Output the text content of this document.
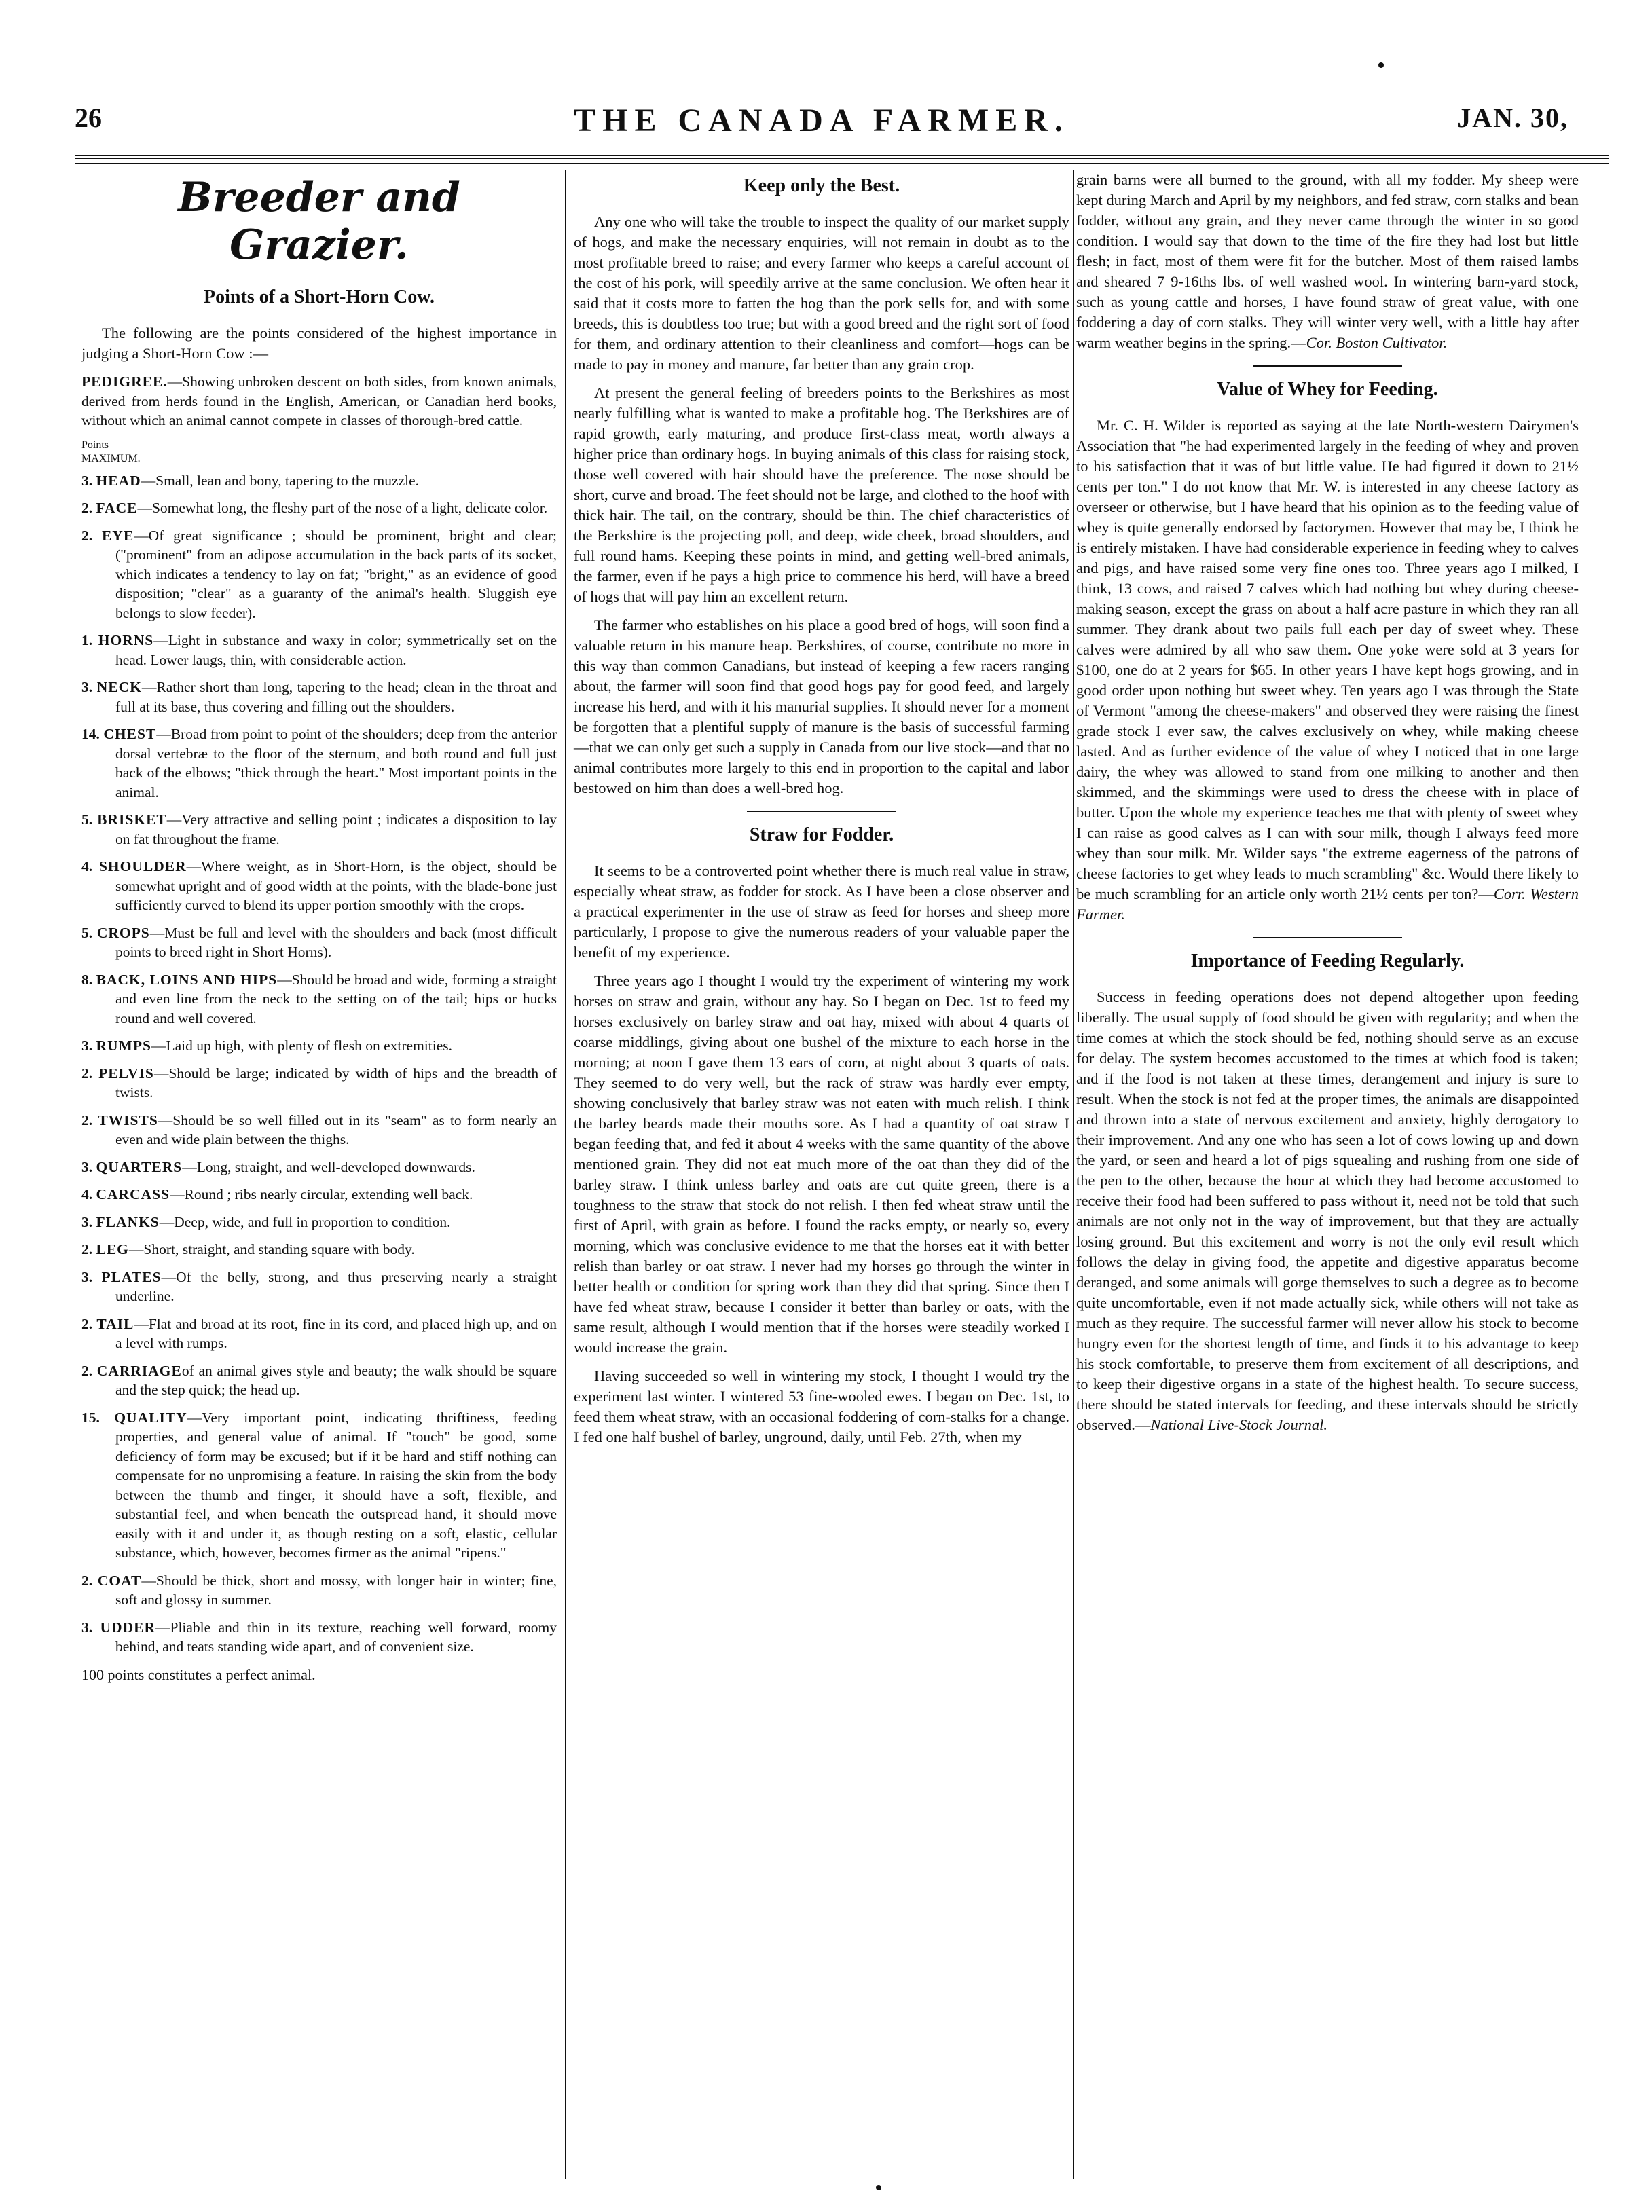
26	THE CANADA FARMER.	JAN. 30,
Breeder and Grazier.
Points of a Short-Horn Cow.

The following are the points considered of the highest importance in judging a Short-Horn Cow :—

PEDIGREE.—Showing unbroken descent on both sides, from known animals, derived from herds found in the English, American, or Canadian herd books, without which an animal cannot compete in classes of thorough-bred cattle.

Points

MAXIMUM.

3. HEAD—Small, lean and bony, tapering to the muzzle.

2. FACE—Somewhat long, the fleshy part of the nose of a light, delicate color.

2. EYE—Of great significance ; should be prominent, bright and clear; ("prominent" from an adipose accumulation in the back parts of its socket, which indicates a tendency to lay on fat; "bright," as an evidence of good disposition; "clear" as a guaranty of the animal's health. Sluggish eye belongs to slow feeder).

1. HORNS—Light in substance and waxy in color; symmetrically set on the head. Lower laugs, thin, with considerable action.

3. NECK—Rather short than long, tapering to the head; clean in the throat and full at its base, thus covering and filling out the shoulders.

14. CHEST—Broad from point to point of the shoulders; deep from the anterior dorsal vertebræ to the floor of the sternum, and both round and full just back of the elbows; "thick through the heart." Most important points in the animal.

5. BRISKET—Very attractive and selling point ; indicates a disposition to lay on fat throughout the frame.

4. SHOULDER—Where weight, as in Short-Horn, is the object, should be somewhat upright and of good width at the points, with the blade-bone just sufficiently curved to blend its upper portion smoothly with the crops.

5. CROPS—Must be full and level with the shoulders and back (most difficult points to breed right in Short Horns).

8. BACK, LOINS AND HIPS—Should be broad and wide, forming a straight and even line from the neck to the setting on of the tail; hips or hucks round and well covered.

3. RUMPS—Laid up high, with plenty of flesh on extremities.

2. PELVIS—Should be large; indicated by width of hips and the breadth of twists.

2. TWISTS—Should be so well filled out in its "seam" as to form nearly an even and wide plain between the thighs.

3. QUARTERS—Long, straight, and well-developed downwards.

4. CARCASS—Round ; ribs nearly circular, extending well back.

3. FLANKS—Deep, wide, and full in proportion to condition.

2. LEG—Short, straight, and standing square with body.

3. PLATES—Of the belly, strong, and thus preserving nearly a straight underline.

2. TAIL—Flat and broad at its root, fine in its cord, and placed high up, and on a level with rumps.

2. CARRIAGEof an animal gives style and beauty; the walk should be square and the step quick; the head up.

15. QUALITY—Very important point, indicating thriftiness, feeding properties, and general value of animal. If "touch" be good, some deficiency of form may be excused; but if it be hard and stiff nothing can compensate for no unpromising a feature. In raising the skin from the body between the thumb and finger, it should have a soft, flexible, and substantial feel, and when beneath the outspread hand, it should move easily with it and under it, as though resting on a soft, elastic, cellular substance, which, however, becomes firmer as the animal "ripens."

2. COAT—Should be thick, short and mossy, with longer hair in winter; fine, soft and glossy in summer.

3. UDDER—Pliable and thin in its texture, reaching well forward, roomy behind, and teats standing wide apart, and of convenient size.

100 points constitutes a perfect animal.

Keep only the Best.

Any one who will take the trouble to inspect the quality of our market supply of hogs, and make the necessary enquiries, will not remain in doubt as to the most profitable breed to raise; and every farmer who keeps a careful account of the cost of his pork, will speedily arrive at the same conclusion. We often hear it said that it costs more to fatten the hog than the pork sells for, and with some breeds, this is doubtless too true; but with a good breed and the right sort of food for them, and ordinary attention to their cleanliness and comfort—hogs can be made to pay in money and manure, far better than any grain crop.

At present the general feeling of breeders points to the Berkshires as most nearly fulfilling what is wanted to make a profitable hog. The Berkshires are of rapid growth, early maturing, and produce first-class meat, worth always a higher price than ordinary hogs. In buying animals of this class for raising stock, those well covered with hair should have the preference. The nose should be short, curve and broad. The feet should not be large, and clothed to the hoof with thick hair. The tail, on the contrary, should be thin. The chief characteristics of the Berkshire is the projecting poll, and deep, wide cheek, broad shoulders, and full round hams. Keeping these points in mind, and getting well-bred animals, the farmer, even if he pays a high price to commence his herd, will have a breed of hogs that will pay him an excellent return.

The farmer who establishes on his place a good bred of hogs, will soon find a valuable return in his manure heap. Berkshires, of course, contribute no more in this way than common Canadians, but instead of keeping a few racers ranging about, the farmer will soon find that good hogs pay for good feed, and largely increase his herd, and with it his manurial supplies. It should never for a moment be forgotten that a plentiful supply of manure is the basis of successful farming—that we can only get such a supply in Canada from our live stock—and that no animal contributes more largely to this end in proportion to the capital and labor bestowed on him than does a well-bred hog.

Straw for Fodder.

It seems to be a controverted point whether there is much real value in straw, especially wheat straw, as fodder for stock. As I have been a close observer and a practical experimenter in the use of straw as feed for horses and sheep more particularly, I propose to give the numerous readers of your valuable paper the benefit of my experience.

Three years ago I thought I would try the experiment of wintering my work horses on straw and grain, without any hay. So I began on Dec. 1st to feed my horses exclusively on barley straw and oat hay, mixed with about 4 quarts of coarse middlings, giving about one bushel of the mixture to each horse in the morning; at noon I gave them 13 ears of corn, at night about 3 quarts of oats. They seemed to do very well, but the rack of straw was hardly ever empty, showing conclusively that barley straw was not eaten with much relish. I think the barley beards made their mouths sore. As I had a quantity of oat straw I began feeding that, and fed it about 4 weeks with the same quantity of the above mentioned grain. They did not eat much more of the oat than they did of the barley straw. I think unless barley and oats are cut quite green, there is a toughness to the straw that stock do not relish. I then fed wheat straw until the first of April, with grain as before. I found the racks empty, or nearly so, every morning, which was conclusive evidence to me that the horses eat it with better relish than barley or oat straw. I never had my horses go through the winter in better health or condition for spring work than they did that spring. Since then I have fed wheat straw, because I consider it better than barley or oats, with the same result, although I would mention that if the horses were steadily worked I would increase the grain.

Having succeeded so well in wintering my stock, I thought I would try the experiment last winter. I wintered 53 fine-wooled ewes. I began on Dec. 1st, to feed them wheat straw, with an occasional foddering of corn-stalks for a change. I fed one half bushel of barley, unground, daily, until Feb. 27th, when my

grain barns were all burned to the ground, with all my fodder. My sheep were kept during March and April by my neighbors, and fed straw, corn stalks and bean fodder, without any grain, and they never came through the winter in so good condition. I would say that down to the time of the fire they had lost but little flesh; in fact, most of them were fit for the butcher. Most of them raised lambs and sheared 7 9-16ths lbs. of well washed wool. In wintering barn-yard stock, such as young cattle and horses, I have found straw of great value, with one foddering a day of corn stalks. They will winter very well, with a little hay after warm weather begins in the spring.—Cor. Boston Cultivator.

Value of Whey for Feeding.

Mr. C. H. Wilder is reported as saying at the late North-western Dairymen's Association that "he had experimented largely in the feeding of whey and proven to his satisfaction that it was of but little value. He had figured it down to 21½ cents per ton." I do not know that Mr. W. is interested in any cheese factory as overseer or otherwise, but I have heard that his opinion as to the feeding value of whey is quite generally endorsed by factorymen. However that may be, I think he is entirely mistaken. I have had considerable experience in feeding whey to calves and pigs, and have raised some very fine ones too. Three years ago I milked, I think, 13 cows, and raised 7 calves which had nothing but whey during cheese-making season, except the grass on about a half acre pasture in which they ran all summer. They drank about two pails full each per day of sweet whey. These calves were admired by all who saw them. One yoke were sold at 3 years for $100, one do at 2 years for $65. In other years I have kept hogs growing, and in good order upon nothing but sweet whey. Ten years ago I was through the State of Vermont "among the cheese-makers" and observed they were raising the finest grade stock I ever saw, the calves exclusively on whey, while making cheese lasted. And as further evidence of the value of whey I noticed that in one large dairy, the whey was allowed to stand from one milking to another and then skimmed, and the skimmings were used to dress the cheese with in place of butter. Upon the whole my experience teaches me that with plenty of sweet whey I can raise as good calves as I can with sour milk, though I always feed more whey than sour milk. Mr. Wilder says "the extreme eagerness of the patrons of cheese factories to get whey leads to much scrambling" &c. Would there likely to be much scrambling for an article only worth 21½ cents per ton?—Corr. Western Farmer.

Importance of Feeding Regularly.

Success in feeding operations does not depend altogether upon feeding liberally. The usual supply of food should be given with regularity; and when the time comes at which the stock should be fed, nothing should serve as an excuse for delay. The system becomes accustomed to the times at which food is taken; and if the food is not taken at these times, derangement and injury is sure to result. When the stock is not fed at the proper times, the animals are disappointed and thrown into a state of nervous excitement and anxiety, highly derogatory to their improvement. And any one who has seen a lot of cows lowing up and down the yard, or seen and heard a lot of pigs squealing and rushing from one side of the pen to the other, because the hour at which they had become accustomed to receive their food had been suffered to pass without it, need not be told that such animals are not only not in the way of improvement, but that they are actually losing ground. But this excitement and worry is not the only evil result which follows the delay in giving food, the appetite and digestive apparatus become deranged, and some animals will gorge themselves to such a degree as to become quite uncomfortable, even if not made actually sick, while others will not take as much as they require. The successful farmer will never allow his stock to become hungry even for the shortest length of time, and finds it to his advantage to keep his stock comfortable, to preserve them from excitement of all descriptions, and to keep their digestive organs in a state of the highest health. To secure success, there should be stated intervals for feeding, and these intervals should be strictly observed.—National Live-Stock Journal.
